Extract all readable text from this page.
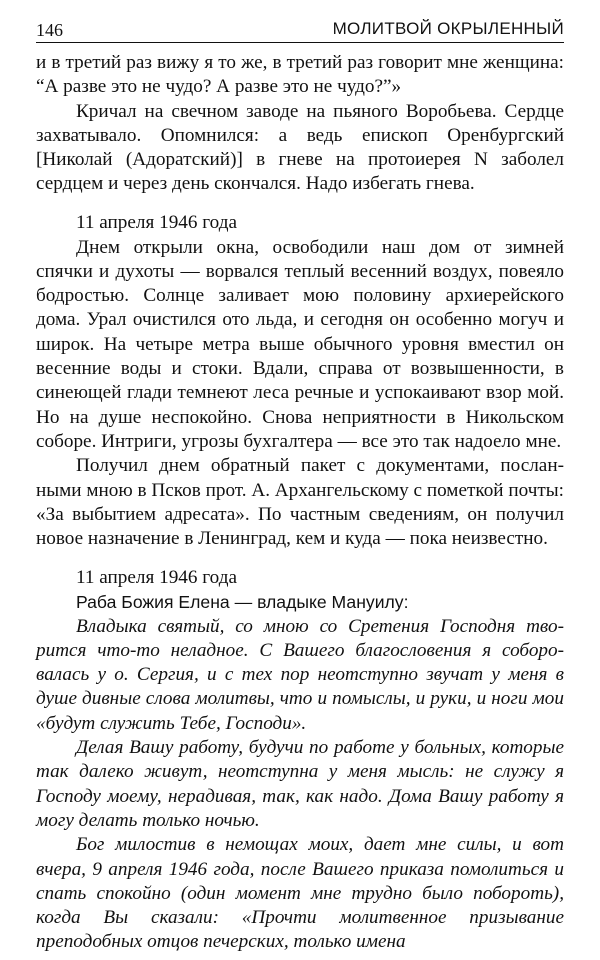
146	МОЛИТВОЙ ОКРЫЛЕННЫЙ

и в третий раз вижу я то же, в третий раз говорит мне женщина: “А разве это не чудо? А разве это не чудо?”»

Кричал на свечном заводе на пьяного Воробьева. Сердце захватывало. Опомнился: а ведь епископ Оренбургский [Николай (Адоратский)] в гневе на протоиерея N заболел сердцем и через день скончался. Надо избегать гнева.

11 апреля 1946 года

Днем открыли окна, освободили наш дом от зимней спячки и духоты — ворвался теплый весенний воздух, повеяло бодростью. Солнце заливает мою половину архиерейского дома. Урал очистился ото льда, и сегодня он особенно могуч и широк. На четыре метра выше обычного уровня вместил он весенние воды и стоки. Вдали, справа от возвышенности, в синеющей глади темнеют леса речные и успокаивают взор мой. Но на душе неспокойно. Снова неприятности в Никольском соборе. Интриги, угрозы бухгалтера — все это так надоело мне.

Получил днем обратный пакет с документами, посланными мною в Псков прот. А. Архангельскому с пометкой почты: «За выбытием адресата». По частным сведениям, он получил новое назначение в Ленинград, кем и куда — пока неизвестно.

11 апреля 1946 года

Раба Божия Елена — владыке Мануилу:

Владыка святый, со мною со Сретения Господня творится что-то неладное. С Вашего благословения я соборовалась у о. Сергия, и с тех пор неотступно звучат у меня в душе дивные слова молитвы, что и помыслы, и руки, и ноги мои «будут служить Тебе, Господи».

Делая Вашу работу, будучи по работе у больных, которые так далеко живут, неотступна у меня мысль: не служу я Господу моему, нерадивая, так, как надо. Дома Вашу работу я могу делать только ночью.

Бог милостив в немощах моих, дает мне силы, и вот вчера, 9 апреля 1946 года, после Вашего приказа помолиться и спать спокойно (один момент мне трудно было побороть), когда Вы сказали: «Прочти молитвенное призывание преподобных отцов печерских, только имена
